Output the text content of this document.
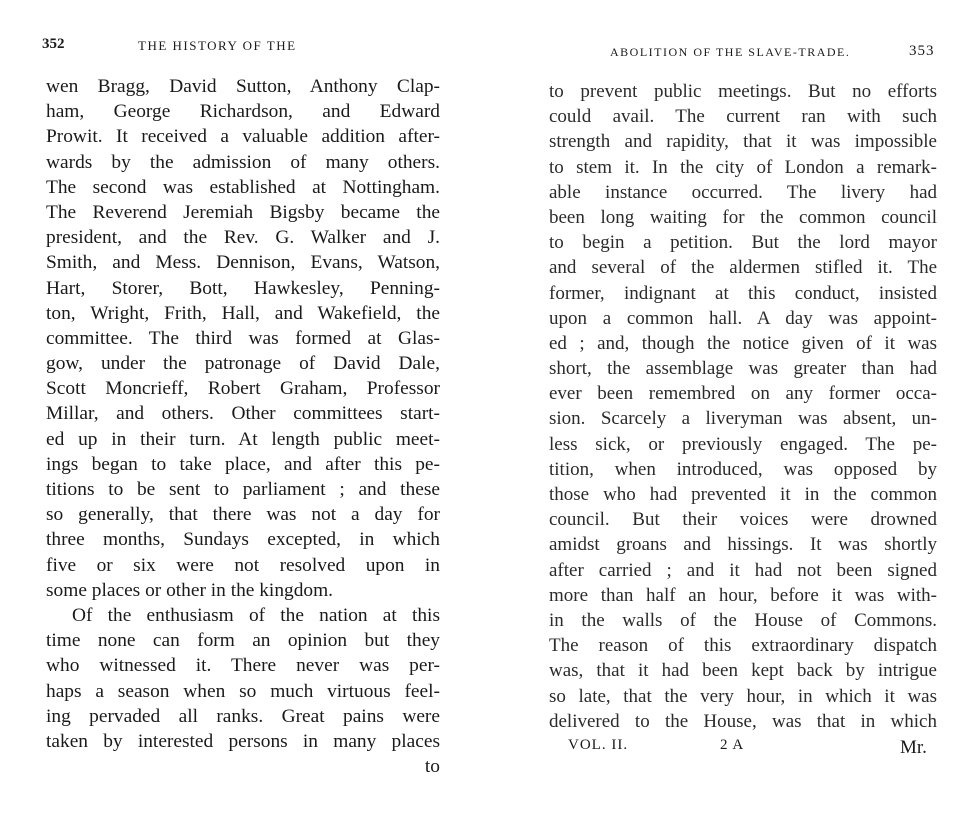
352	THE HISTORY OF THE
wen Bragg, David Sutton, Anthony Clap-
ham, George Richardson, and Edward
Prowit. It received a valuable addition after-
wards by the admission of many others.
The second was established at Nottingham.
The Reverend Jeremiah Bigsby became the
president, and the Rev. G. Walker and J.
Smith, and Mess. Dennison, Evans, Watson,
Hart, Storer, Bott, Hawkesley, Penning-
ton, Wright, Frith, Hall, and Wakefield, the
committee. The third was formed at Glas-
gow, under the patronage of David Dale,
Scott Moncrieff, Robert Graham, Professor
Millar, and others. Other committees start-
ed up in their turn. At length public meet-
ings began to take place, and after this pe-
titions to be sent to parliament ; and these
so generally, that there was not a day for
three months, Sundays excepted, in which
five or six were not resolved upon in
some places or other in the kingdom.
Of the enthusiasm of the nation at this
time none can form an opinion but they
who witnessed it. There never was per-
haps a season when so much virtuous feel-
ing pervaded all ranks. Great pains were
taken by interested persons in many places
to
ABOLITION OF THE SLAVE-TRADE.	353
to prevent public meetings. But no efforts
could avail. The current ran with such
strength and rapidity, that it was impossible
to stem it. In the city of London a remark-
able instance occurred. The livery had
been long waiting for the common council
to begin a petition. But the lord mayor
and several of the aldermen stifled it. The
former, indignant at this conduct, insisted
upon a common hall. A day was appoint-
ed ; and, though the notice given of it was
short, the assemblage was greater than had
ever been remembred on any former occa-
sion. Scarcely a liveryman was absent, un-
less sick, or previously engaged. The pe-
tition, when introduced, was opposed by
those who had prevented it in the common
council. But their voices were drowned
amidst groans and hissings. It was shortly
after carried ; and it had not been signed
more than half an hour, before it was with-
in the walls of the House of Commons.
The reason of this extraordinary dispatch
was, that it had been kept back by intrigue
so late, that the very hour, in which it was
delivered to the House, was that in which
VOL. II.	2 A	Mr.
